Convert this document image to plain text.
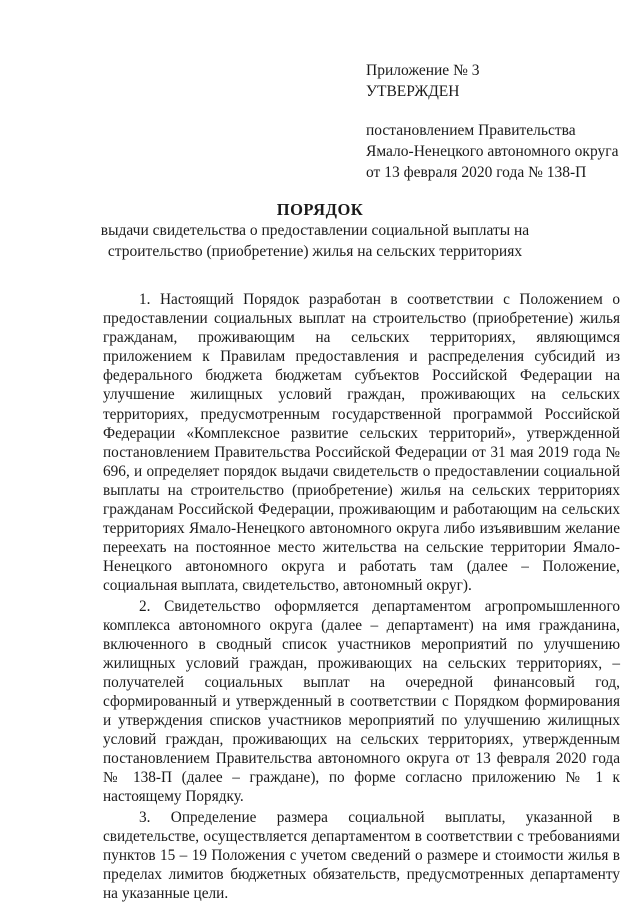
Приложение № 3
УТВЕРЖДЕН
постановлением Правительства
Ямало-Ненецкого автономного округа
от 13 февраля 2020 года № 138-П
ПОРЯДОК
выдачи свидетельства о предоставлении социальной выплаты на строительство (приобретение) жилья на сельских территориях

1. Настоящий Порядок разработан в соответствии с Положением о предоставлении социальных выплат на строительство (приобретение) жилья гражданам, проживающим на сельских территориях, являющимся приложением к Правилам предоставления и распределения субсидий из федерального бюджета бюджетам субъектов Российской Федерации на улучшение жилищных условий граждан, проживающих на сельских территориях, предусмотренным государственной программой Российской Федерации «Комплексное развитие сельских территорий», утвержденной постановлением Правительства Российской Федерации от 31 мая 2019 года № 696, и определяет порядок выдачи свидетельств о предоставлении социальной выплаты на строительство (приобретение) жилья на сельских территориях гражданам Российской Федерации, проживающим и работающим на сельских территориях Ямало-Ненецкого автономного округа либо изъявившим желание переехать на постоянное место жительства на сельские территории Ямало-Ненецкого автономного округа и работать там (далее – Положение, социальная выплата, свидетельство, автономный округ).

2. Свидетельство оформляется департаментом агропромышленного комплекса автономного округа (далее – департамент) на имя гражданина, включенного в сводный список участников мероприятий по улучшению жилищных условий граждан, проживающих на сельских территориях, – получателей социальных выплат на очередной финансовый год, сформированный и утвержденный в соответствии с Порядком формирования и утверждения списков участников мероприятий по улучшению жилищных условий граждан, проживающих на сельских территориях, утвержденным постановлением Правительства автономного округа от 13 февраля 2020 года № 138-П (далее – граждане), по форме согласно приложению № 1 к настоящему Порядку.

3. Определение размера социальной выплаты, указанной в свидетельстве, осуществляется департаментом в соответствии с требованиями пунктов 15 – 19 Положения с учетом сведений о размере и стоимости жилья в пределах лимитов бюджетных обязательств, предусмотренных департаменту на указанные цели.
